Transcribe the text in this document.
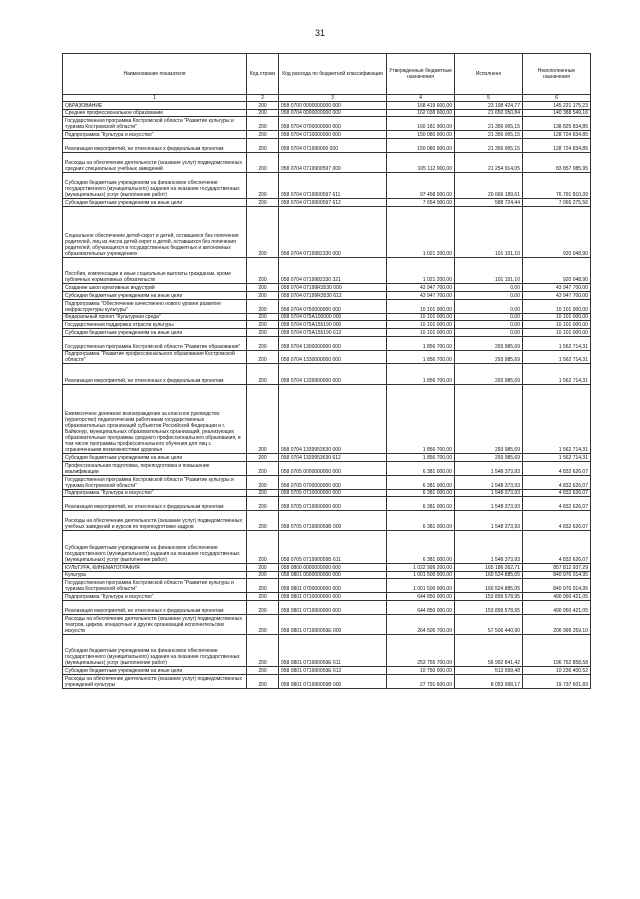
31
Наименование показателя	Код строки	Код расхода по бюджетной классификации	Утвержденные бюджетные назначения	Исполнено	Неисполненные назначения
1	2	3	4	5	6
ОБРАЗОВАНИЕ	200	058 0700 0000000000 000	168 419 600,00	23 198 424,77	145 221 175,23
Среднее профессиональное образование	200	058 0704 0000000000 000	162 038 600,00	21 650 050,84	140 388 549,16
Государственная программа Костромской области "Развитие культуры и туризма Костромской области"	200	058 0704 0700000000 000	160 181 900,00	21 356 065,15	138 825 834,85
Подпрограмма "Культура и искусство"	200	058 0704 0710000000 000	150 080 900,00	21 356 065,15	128 724 834,85
Реализация мероприятий, не отнесенных к федеральным проектам	200	058 0704 071990000 000	150 080 900,00	21 356 065,15	128 724 834,85
Расходы на обеспечение деятельности (оказание услуг) подведомственных средних специальных учебных заведений	200	058 0704 0719900597 000	105 112 000,00	21 254 914,05	83 857 085,95
Субсидии бюджетным учреждениям на финансовое обеспечение государственного (муниципального) задания на оказание государственных (муниципальных) услуг (выполнение работ)	200	058 0704 0719900597 611	97 458 000,00	20 666 189,61	76 791 810,39
Субсидии бюджетным учреждениям на иные цели	200	058 0704 0719900597 612	7 654 000,00	588 724,44	7 065 275,56
Социальное обеспечение детей-сирот и детей, оставшихся без попечения родителей, лиц из числа детей-сирот и детей, оставшихся без попечения родителей, обучающихся в государственных бюджетных и автономных образовательных учреждениях	200	058 0704 0719982330 000	1 021 200,00	101 151,10	920 048,90
Пособия, компенсации и иные социальные выплаты гражданам, кроме публичных нормативных обязательств	200	058 0704 0719982330 321	1 021 200,00	101 151,10	920 048,90
Создание школ креативных индустрий	200	058 0704 07199R3530 000	43 947 700,00	0,00	43 947 700,00
Субсидии бюджетным учреждениям на иные цели	200	058 0704 07199R3530 612	43 947 700,00	0,00	43 947 700,00
Подпрограмма "Обеспечение качественно нового уровня развития инфраструктуры культуры"	200	058 0704 0750000000 000	10 101 000,00	0,00	10 101 000,00
Федеральный проект "Культурная среда"	200	058 0704 075A100000 000	10 101 000,00	0,00	10 101 000,00
Государственная поддержка отрасли культуры	200	058 0704 075A155190 000	10 101 000,00	0,00	10 101 000,00
Субсидии бюджетным учреждениям на иные цели	200	058 0704 075A155190 612	10 101 000,00	0,00	10 101 000,00
Государственная программа Костромской области "Развитие образования"	200	058 0704 1300000000 000	1 856 700,00	293 985,69	1 562 714,31
Подпрограмма "Развитие профессионального образования Костромской области"	200	058 0704 1330000000 000	1 856 700,00	293 985,69	1 562 714,31
Реализация мероприятий, не отнесенных к федеральным проектам	200	058 0704 1339900000 000	1 856 700,00	293 985,69	1 562 714,31
Ежемесячное денежное вознаграждение за классное руководство (кураторство) педагогическим работникам государственных образовательных организаций субъектов Российской Федерации и г. Байконур, муниципальных образовательных организаций, реализующих образовательные программы среднего профессионального образования, в том числе программы профессионального обучения для лиц с ограниченными возможностями здоровья	200	058 0704 1339953630 000	1 856 700,00	293 985,69	1 562 714,31
Субсидии бюджетным учреждениям на иные цели	200	058 0704 1339953630 612	1 856 700,00	293 985,69	1 562 714,31
Профессиональная подготовка, переподготовка и повышение квалификации	200	058 0705 0000000000 000	6 381 000,00	1 548 373,93	4 832 626,07
Государственная программа Костромской области "Развитие культуры и туризма Костромской области"	200	058 0705 0700000000 000	6 381 000,00	1 548 373,93	4 832 626,07
Подпрограмма "Культура и искусство"	200	058 0705 0710000000 000	6 381 000,00	1 548 373,93	4 832 626,07
Реализация мероприятий, не отнесенных к федеральным проектам	200	058 0705 0719900000 000	6 381 000,00	1 548 373,93	4 832 626,07
Расходы на обеспечение деятельности (оказание услуг) подведомственных учебных заведений и курсов по переподготовке кадров	200	058 0705 071990059Б 000	6 381 000,00	1 548 373,93	4 832 626,07
Субсидии бюджетным учреждениям на финансовое обеспечение государственного (муниципального) задания на оказание государственных (муниципальных) услуг (выполнение работ)	200	058 0705 071990059Б 611	6 381 000,00	1 548 373,93	4 832 626,07
КУЛЬТУРА, КИНЕМАТОГРАФИЯ	200	058 0800 0000000000 000	1 022 999 200,00	165 186 262,71	857 812 937,29
Культура	200	058 0801 0000000000 000	1 001 500 900,00	160 524 885,05	840 976 014,95
Государственная программа Костромской области "Развитие культуры и туризма Костромской области"	200	058 0801 0700000000 000	1 001 500 900,00	160 524 885,05	840 976 014,95
Подпрограмма "Культура и искусство"	200	058 0801 0710000000 000	644 850 000,00	153 899 578,95	490 950 421,05
Реализация мероприятий, не отнесенных к федеральным проектам	200	058 0801 0719900000 000	644 850 000,00	153 899 578,95	490 950 421,05
Расходы на обеспечение деятельности (оказание услуг) подведомственных театров, цирков, концертных и других организаций исполнительских искусств	200	058 0801 071990059Е 000	264 505 700,00	57 506 440,90	206 999 259,10
Субсидии бюджетным учреждениям на финансовое обеспечение государственного (муниципального) задания на оказание государственных (муниципальных) услуг (выполнение работ)	200	058 0801 071990059Е 611	253 755 700,00	56 992 841,42	196 762 858,58
Субсидии бюджетным учреждениям на иные цели	200	058 0801 071990059Е 612	10 750 000,00	513 599,48	10 236 400,52
Расходы на обеспечение деятельности (оказание услуг) подведомственных учреждений культуры	200	058 0801 071990059В 000	27 791 600,00	8 053 998,17	19 737 601,83
